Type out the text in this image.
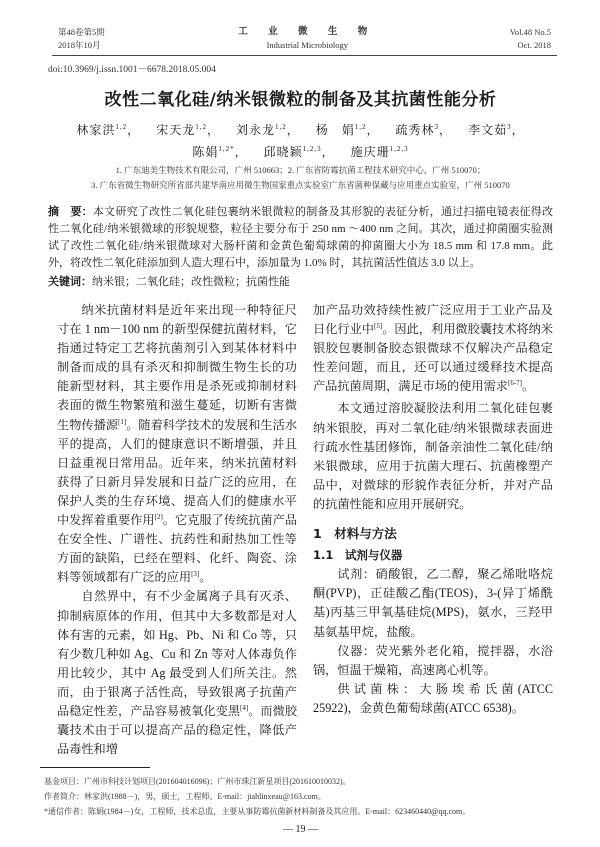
第48卷第5期
2018年10月
工 业 微 生 物
Industrial Microbiology
Vol.48 No.5
Oct. 2018
doi:10.3969/j.issn.1001－6678.2018.05.004
改性二氧化硅/纳米银微粒的制备及其抗菌性能分析
林家洪$^{1,2}$， 宋天龙$^{1,2}$， 刘永龙$^{1,2}$， 杨　娟$^{1,2}$， 疏秀林$^3$， 李文茹$^3$，
陈娟$^{1,2*}$， 邱晓颖$^{1,2,3}$， 施庆珊$^{1,2,3}$
1. 广东迪美生物技术有限公司，广州 510663；2. 广东省防霉抗菌工程技术研究中心，广州 510070；
3. 广东省微生物研究所省部共建华南应用微生物国家重点实验室广东省菌种保藏与应用重点实验室，广州 510070
摘　要：本文研究了改性二氧化硅包裹纳米银微粒的制备及其形貌的表征分析，通过扫描电镜表征得改性二氧化硅/纳米银微球的形貌规整，粒径主要分布于 250 nm ～400 nm 之间。其次，通过抑菌圈实验测试了改性二氧化硅/纳米银微球对大肠杆菌和金黄色葡萄球菌的抑菌圈大小为 18.5 mm 和 17.8 mm。此外，将改性二氧化硅添加到人造大理石中，添加量为 1.0% 时，其抗菌活性值达 3.0 以上。
关键词：纳米银；二氧化硅；改性微粒；抗菌性能

纳米抗菌材料是近年来出现一种特征尺寸在 1 nm－100 nm 的新型保健抗菌材料，它指通过特定工艺将抗菌剂引入到某体材料中制备而成的具有杀灭和抑制微生物生长的功能新型材料，其主要作用是杀死或抑制材料表面的微生物繁殖和滋生蔓延，切断有害微生物传播源[1]。随着科学技术的发展和生活水平的提高，人们的健康意识不断增强，并且日益重视日常用品。近年来，纳米抗菌材料获得了日新月异发展和日益广泛的应用，在保护人类的生存环境、提高人们的健康水平中发挥着重要作用[2]。它克服了传统抗菌产品在安全性、广谱性、抗药性和耐热加工性等方面的缺陷，已经在塑料、化纤、陶瓷、涂料等领域都有广泛的应用[3]。

自然界中，有不少金属离子具有灭杀、抑制病原体的作用，但其中大多数都是对人体有害的元素，如 Hg、Pb、Ni 和 Co 等，只有少数几种如 Ag、Cu 和 Zn 等对人体毒负作用比较少，其中 Ag 最受到人们所关注。然而，由于银离子活性高，导致银离子抗菌产品稳定性差，产品容易被氧化变黑[4]。而微胶囊技术由于可以提高产品的稳定性，降低产品毒性和增

加产品功效持续性被广泛应用于工业产品及日化行业中[5]。因此，利用微胶囊技术将纳米银胶包裹制备胶态银微球不仅解决产品稳定性差问题，而且，还可以通过缓释技术提高产品抗菌周期，满足市场的使用需求[6-7]。

本文通过溶胶凝胶法利用二氧化硅包裹纳米银胶，再对二氧化硅/纳米银微球表面进行疏水性基团修饰，制备亲油性二氧化硅/纳米银微球，应用于抗菌大理石、抗菌橡塑产品中，对微球的形貌作表征分析，并对产品的抗菌性能和应用开展研究。

1　材料与方法

1.1　试剂与仪器

试剂：硝酸银，乙二醇，聚乙烯吡咯烷酮(PVP)，正硅酸乙酯(TEOS)，3-(异丁烯酰基)丙基三甲氧基硅烷(MPS)，氨水，三羟甲基氨基甲烷，盐酸。

仪器：荧光紫外老化箱，搅拌器，水浴锅，恒温干燥箱，高速离心机等。

供试菌株：大肠埃希氏菌(ATCC 25922)，金黄色葡萄球菌(ATCC 6538)。

基金项目：广州市科技计划项目(201604016096)；广州市珠江新星项目(201610010032)。
作者简介：林家洪(1988－)，男，硕士，工程师。E-mail：jiahlinxeau@163.com。
*通信作者：陈娟(1984－)女，工程师，技术总监，主要从事防霉抗菌新材料制备及其应用。E-mail：623460440@qq.com。
— 19 —
